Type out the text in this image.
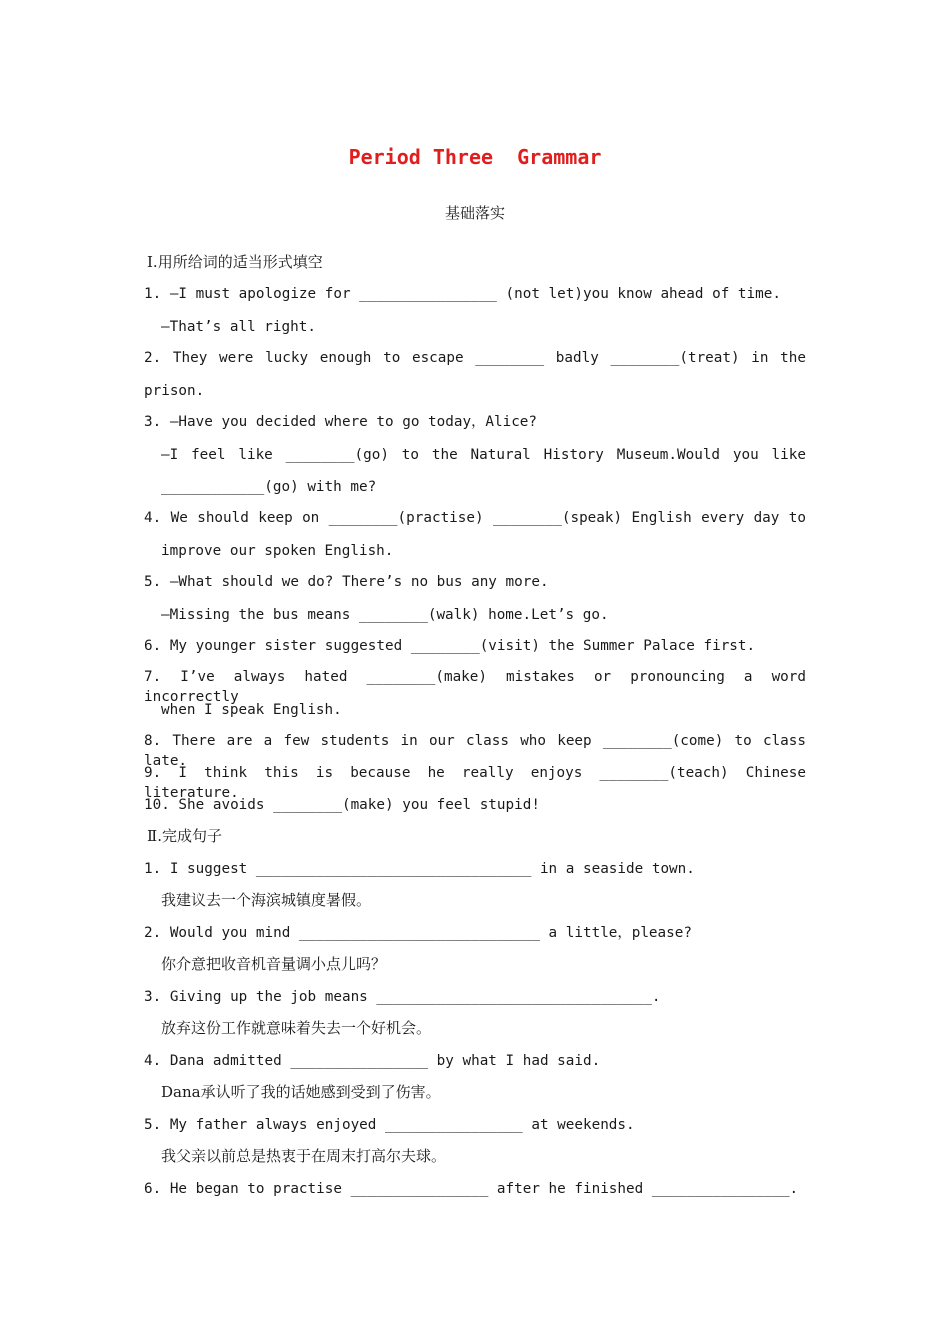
Period Three  Grammar
基础落实
Ⅰ.用所给词的适当形式填空
1. —I must apologize for ________________ (not let)you know ahead of time.
—That’s all right.
2. They were lucky enough to escape ________ badly ________(treat) in the
prison.
3. —Have you decided where to go today，Alice?
—I feel like ________(go) to the Natural History Museum.Would you like
____________(go) with me?
4. We should keep on ________(practise) ________(speak) English every day to
improve our spoken English.
5. —What should we do? There’s no bus any more.
—Missing the bus means ________(walk) home.Let’s go.
6. My younger sister suggested ________(visit) the Summer Palace first.
7. I’ve always hated ________(make) mistakes or pronouncing a word incorrectly
when I speak English.
8. There are a few students in our class who keep ________(come) to class late.
9. I think this is because he really enjoys ________(teach) Chinese literature.
10. She avoids ________(make) you feel stupid!
Ⅱ.完成句子
1. I suggest ________________________________ in a seaside town.
我建议去一个海滨城镇度暑假。
2. Would you mind ____________________________ a little，please?
你介意把收音机音量调小点儿吗？
3. Giving up the job means ________________________________.
放弃这份工作就意味着失去一个好机会。
4. Dana admitted ________________ by what I had said.
Dana承认听了我的话她感到受到了伤害。
5. My father always enjoyed ________________ at weekends.
我父亲以前总是热衷于在周末打高尔夫球。
6. He began to practise ________________ after he finished ________________.
